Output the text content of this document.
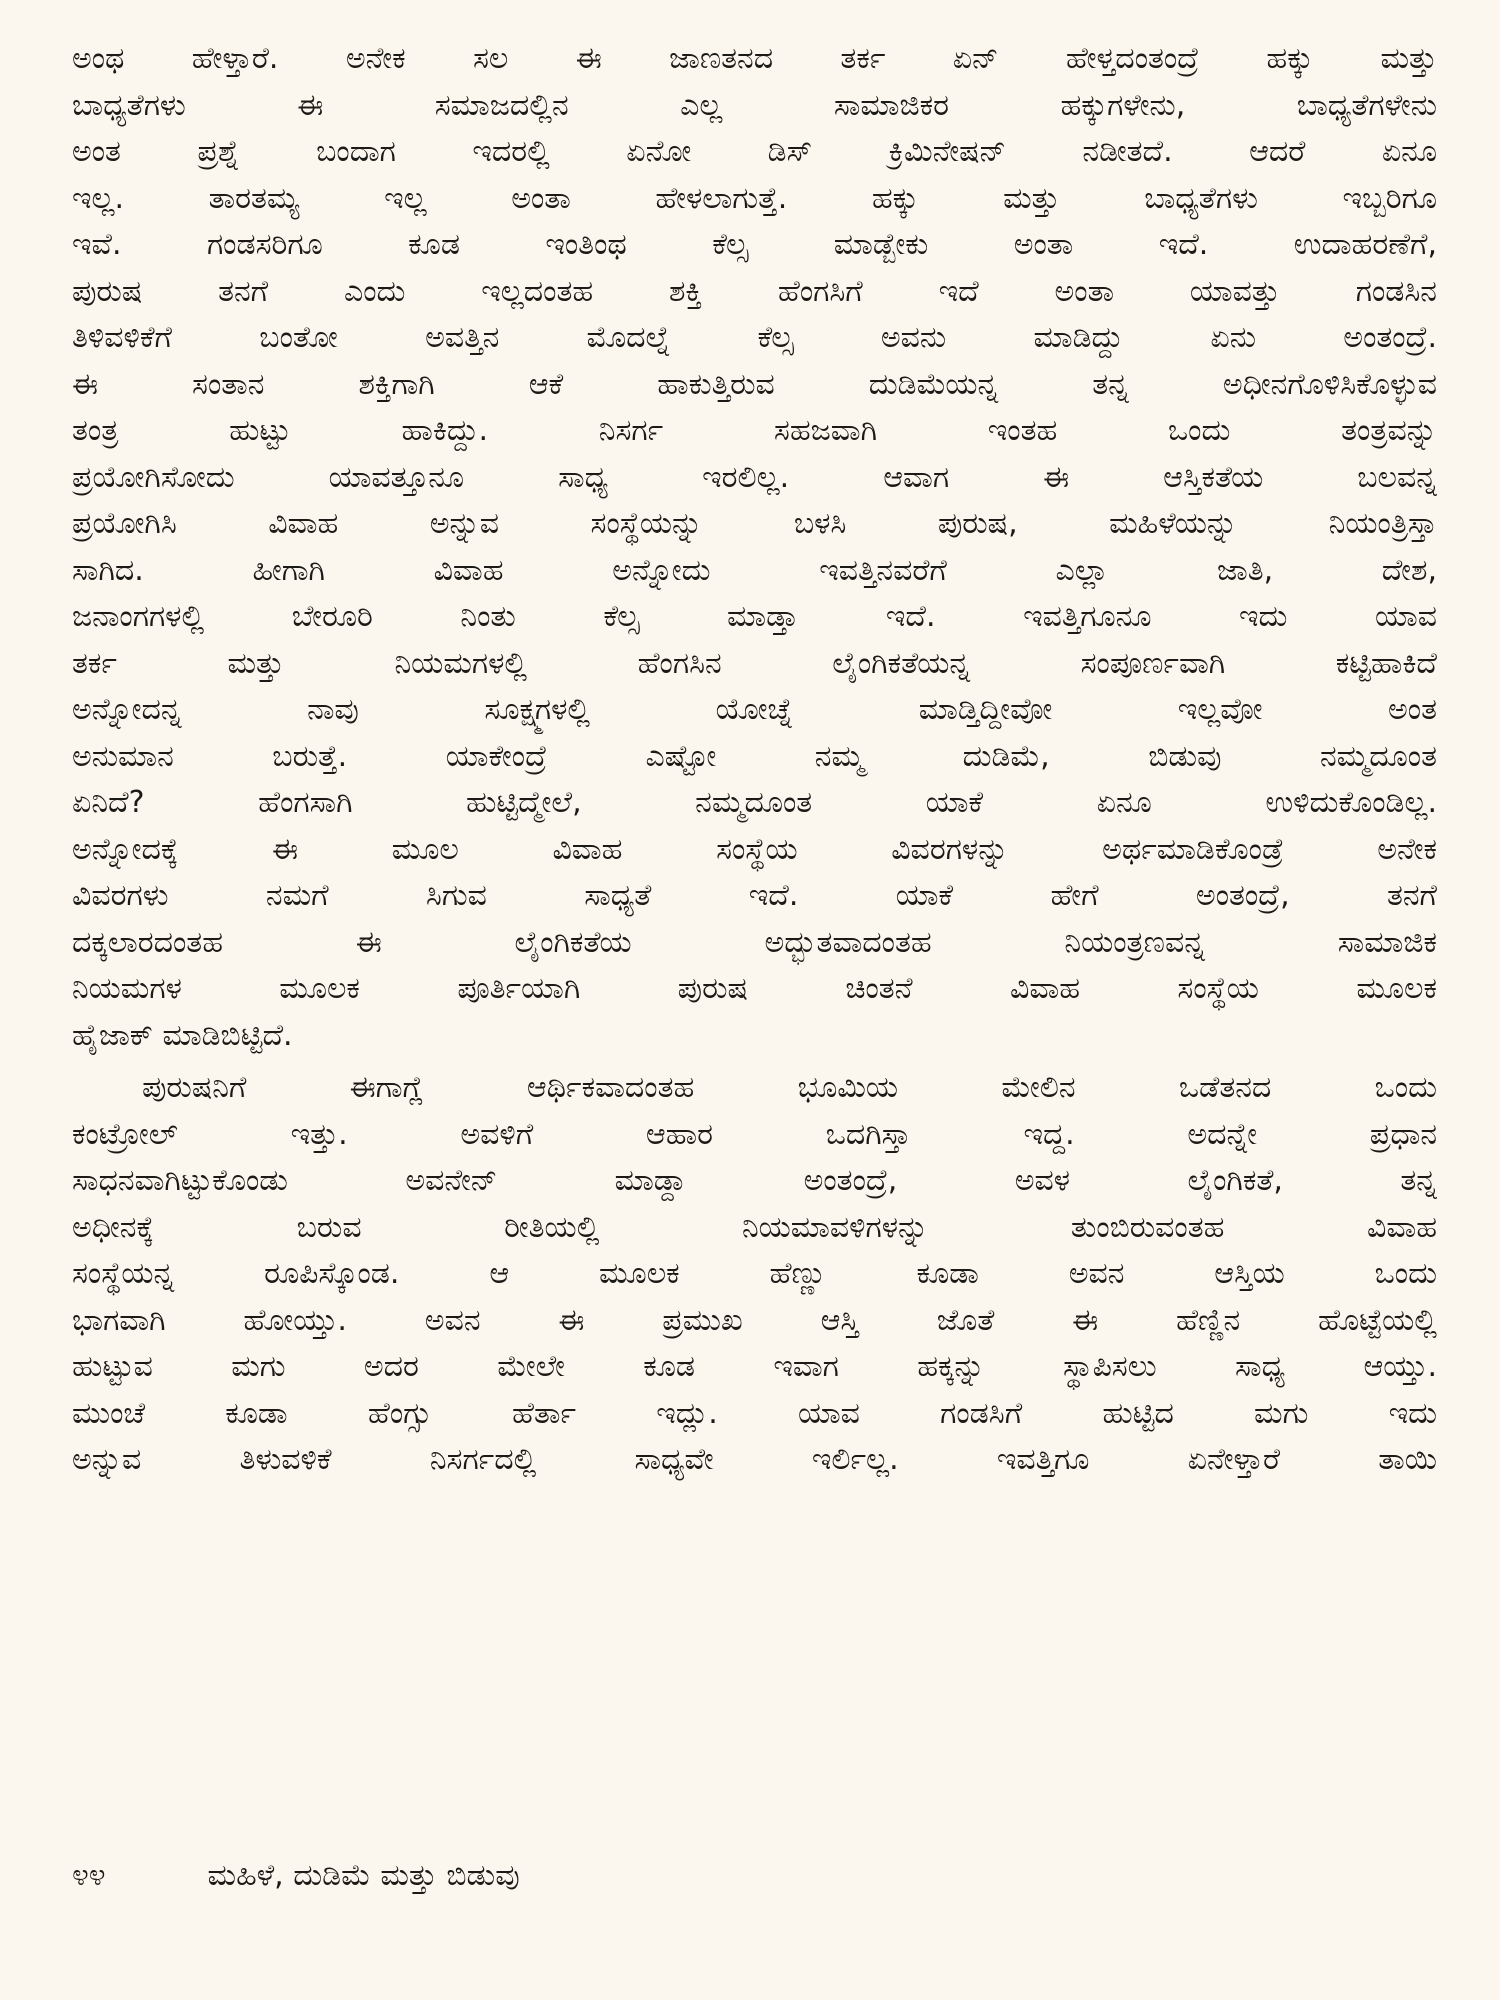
ಅಂಥ ಹೇಳ್ತಾರೆ. ಅನೇಕ ಸಲ ಈ ಜಾಣತನದ ತರ್ಕ ಏನ್ ಹೇಳ್ತದಂತಂದ್ರೆ ಹಕ್ಕು ಮತ್ತು
ಬಾಧ್ಯತೆಗಳು ಈ ಸಮಾಜದಲ್ಲಿನ ಎಲ್ಲ ಸಾಮಾಜಿಕರ ಹಕ್ಕುಗಳೇನು, ಬಾಧ್ಯತೆಗಳೇನು
ಅಂತ ಪ್ರಶ್ನೆ ಬಂದಾಗ ಇದರಲ್ಲಿ ಏನೋ ಡಿಸ್ ಕ್ರಿಮಿನೇಷನ್ ನಡೀತದೆ. ಆದರೆ ಏನೂ
ಇಲ್ಲ. ತಾರತಮ್ಯ ಇಲ್ಲ ಅಂತಾ ಹೇಳಲಾಗುತ್ತೆ. ಹಕ್ಕು ಮತ್ತು ಬಾಧ್ಯತೆಗಳು ಇಬ್ಬರಿಗೂ
ಇವೆ. ಗಂಡಸರಿಗೂ ಕೂಡ ಇಂತಿಂಥ ಕೆಲ್ಸ ಮಾಡ್ಬೇಕು ಅಂತಾ ಇದೆ. ಉದಾಹರಣೆಗೆ,
ಪುರುಷ ತನಗೆ ಎಂದು ಇಲ್ಲದಂತಹ ಶಕ್ತಿ ಹೆಂಗಸಿಗೆ ಇದೆ ಅಂತಾ ಯಾವತ್ತು ಗಂಡಸಿನ
ತಿಳಿವಳಿಕೆಗೆ ಬಂತೋ ಅವತ್ತಿನ ಮೊದಲ್ನೆ ಕೆಲ್ಸ ಅವನು ಮಾಡಿದ್ದು ಏನು ಅಂತಂದ್ರೆ.
ಈ ಸಂತಾನ ಶಕ್ತಿಗಾಗಿ ಆಕೆ ಹಾಕುತ್ತಿರುವ ದುಡಿಮೆಯನ್ನ ತನ್ನ ಅಧೀನಗೊಳಿಸಿಕೊಳ್ಳುವ
ತಂತ್ರ ಹುಟ್ಟು ಹಾಕಿದ್ದು. ನಿಸರ್ಗ ಸಹಜವಾಗಿ ಇಂತಹ ಒಂದು ತಂತ್ರವನ್ನು
ಪ್ರಯೋಗಿಸೋದು ಯಾವತ್ತೂನೂ ಸಾಧ್ಯ ಇರಲಿಲ್ಲ. ಆವಾಗ ಈ ಆಸ್ತಿಕತೆಯ ಬಲವನ್ನ
ಪ್ರಯೋಗಿಸಿ ವಿವಾಹ ಅನ್ನುವ ಸಂಸ್ಥೆಯನ್ನು ಬಳಸಿ ಪುರುಷ, ಮಹಿಳೆಯನ್ನು ನಿಯಂತ್ರಿಸ್ತಾ
ಸಾಗಿದ. ಹೀಗಾಗಿ ವಿವಾಹ ಅನ್ನೋದು ಇವತ್ತಿನವರೆಗೆ ಎಲ್ಲಾ ಜಾತಿ, ದೇಶ,
ಜನಾಂಗಗಳಲ್ಲಿ ಬೇರೂರಿ ನಿಂತು ಕೆಲ್ಸ ಮಾಡ್ತಾ ಇದೆ. ಇವತ್ತಿಗೂನೂ ಇದು ಯಾವ
ತರ್ಕ ಮತ್ತು ನಿಯಮಗಳಲ್ಲಿ ಹೆಂಗಸಿನ ಲೈಂಗಿಕತೆಯನ್ನ ಸಂಪೂರ್ಣವಾಗಿ ಕಟ್ಟಿಹಾಕಿದೆ
ಅನ್ನೋದನ್ನ ನಾವು ಸೂಕ್ಷ್ಮಗಳಲ್ಲಿ ಯೋಚ್ನೆ ಮಾಡ್ತಿದ್ದೀವೋ ಇಲ್ಲವೋ ಅಂತ
ಅನುಮಾನ ಬರುತ್ತೆ. ಯಾಕೇಂದ್ರೆ ಎಷ್ಟೋ ನಮ್ಮ ದುಡಿಮೆ, ಬಿಡುವು ನಮ್ಮದೂಂತ
ಏನಿದೆ? ಹೆಂಗಸಾಗಿ ಹುಟ್ಟಿದ್ಮೇಲೆ, ನಮ್ಮದೂಂತ ಯಾಕೆ ಏನೂ ಉಳಿದುಕೊಂಡಿಲ್ಲ.
ಅನ್ನೋದಕ್ಕೆ ಈ ಮೂಲ ವಿವಾಹ ಸಂಸ್ಥೆಯ ವಿವರಗಳನ್ನು ಅರ್ಥಮಾಡಿಕೊಂಡ್ರೆ ಅನೇಕ
ವಿವರಗಳು ನಮಗೆ ಸಿಗುವ ಸಾಧ್ಯತೆ ಇದೆ. ಯಾಕೆ ಹೇಗೆ ಅಂತಂದ್ರೆ, ತನಗೆ
ದಕ್ಕಲಾರದಂತಹ ಈ ಲೈಂಗಿಕತೆಯ ಅದ್ಭುತವಾದಂತಹ ನಿಯಂತ್ರಣವನ್ನ ಸಾಮಾಜಿಕ
ನಿಯಮಗಳ ಮೂಲಕ ಪೂರ್ತಿಯಾಗಿ ಪುರುಷ ಚಿಂತನೆ ವಿವಾಹ ಸಂಸ್ಥೆಯ ಮೂಲಕ
ಹೈಜಾಕ್ ಮಾಡಿಬಿಟ್ಟಿದೆ.
ಪುರುಷನಿಗೆ ಈಗಾಗ್ಲೆ ಆರ್ಥಿಕವಾದಂತಹ ಭೂಮಿಯ ಮೇಲಿನ ಒಡೆತನದ ಒಂದು
ಕಂಟ್ರೋಲ್ ಇತ್ತು. ಅವಳಿಗೆ ಆಹಾರ ಒದಗಿಸ್ತಾ ಇದ್ದ. ಅದನ್ನೇ ಪ್ರಧಾನ
ಸಾಧನವಾಗಿಟ್ಟುಕೊಂಡು ಅವನೇನ್ ಮಾಡ್ದಾ ಅಂತಂದ್ರೆ, ಅವಳ ಲೈಂಗಿಕತೆ, ತನ್ನ
ಅಧೀನಕ್ಕೆ ಬರುವ ರೀತಿಯಲ್ಲಿ ನಿಯಮಾವಳಿಗಳನ್ನು ತುಂಬಿರುವಂತಹ ವಿವಾಹ
ಸಂಸ್ಥೆಯನ್ನ ರೂಪಿಸ್ಕೊಂಡ. ಆ ಮೂಲಕ ಹೆಣ್ಣು ಕೂಡಾ ಅವನ ಆಸ್ತಿಯ ಒಂದು
ಭಾಗವಾಗಿ ಹೋಯ್ತು. ಅವನ ಈ ಪ್ರಮುಖ ಆಸ್ತಿ ಜೊತೆ ಈ ಹೆಣ್ಣಿನ ಹೊಟ್ಟೆಯಲ್ಲಿ
ಹುಟ್ಟುವ ಮಗು ಅದರ ಮೇಲೇ ಕೂಡ ಇವಾಗ ಹಕ್ಕನ್ನು ಸ್ಥಾಪಿಸಲು ಸಾಧ್ಯ ಆಯ್ತು.
ಮುಂಚೆ ಕೂಡಾ ಹೆಂಗ್ಸು ಹೆರ್ತಾ ಇದ್ಲು. ಯಾವ ಗಂಡಸಿಗೆ ಹುಟ್ಟಿದ ಮಗು ಇದು
ಅನ್ನುವ ತಿಳುವಳಿಕೆ ನಿಸರ್ಗದಲ್ಲಿ ಸಾಧ್ಯವೇ ಇರ್ಲಿಲ್ಲ. ಇವತ್ತಿಗೂ ಏನೇಳ್ತಾರೆ ತಾಯಿ
೪೪	ಮಹಿಳೆ, ದುಡಿಮೆ ಮತ್ತು ಬಿಡುವು
